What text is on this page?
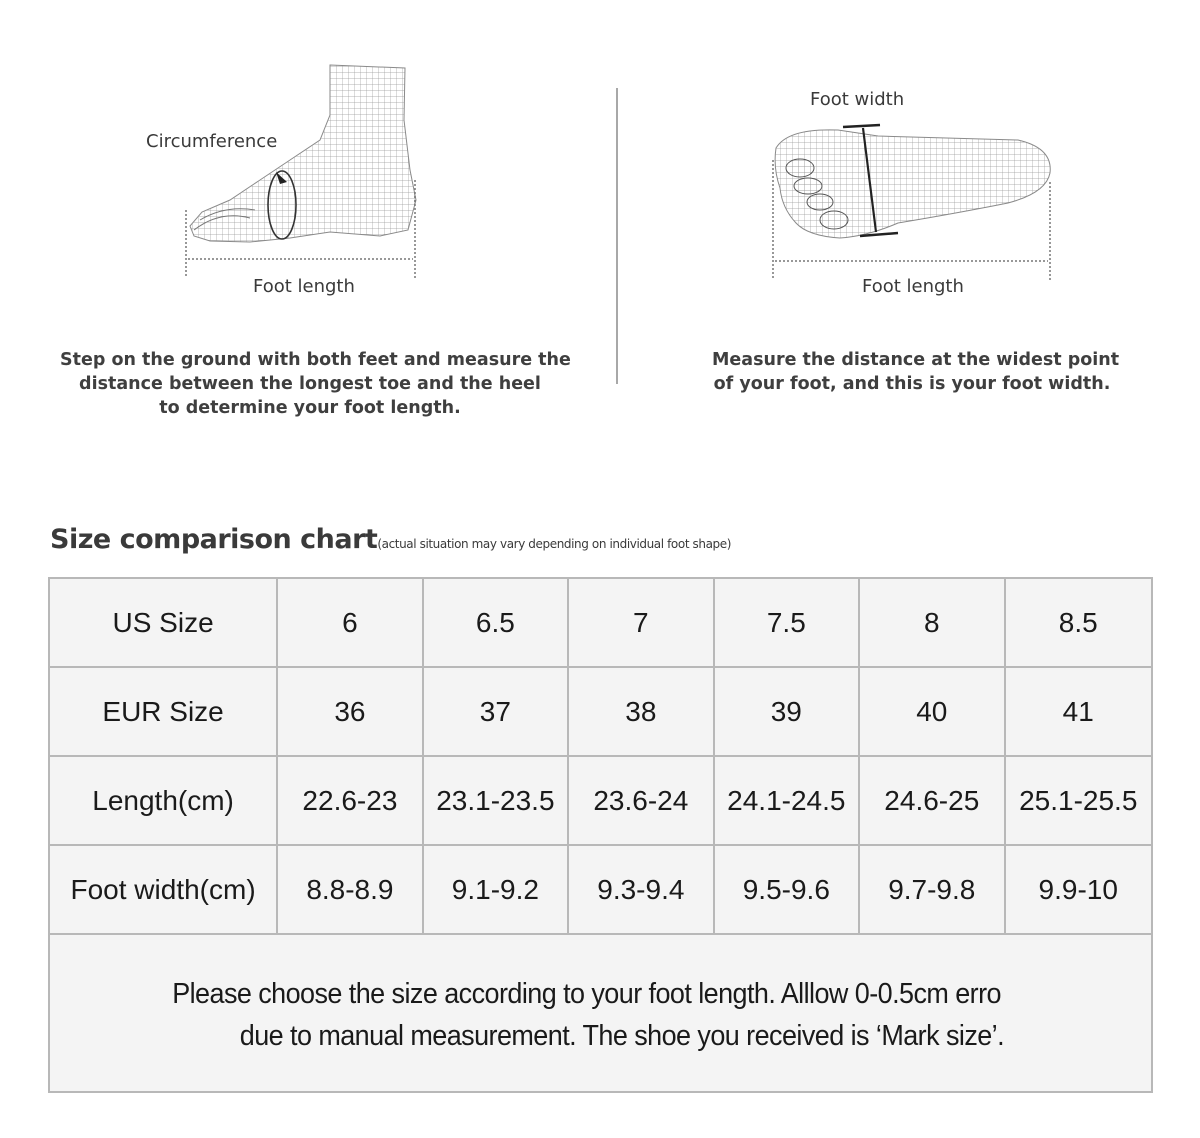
Circumference
Foot length
Step on the ground with both feet and measure the
distance between the longest toe and the heel
to determine your foot length.
Foot width
Foot length
Measure the distance at the widest point
of your foot, and this is your foot width.
Size comparison chart(actual situation may vary depending on individual foot shape)
US Size	6	6.5	7	7.5	8	8.5
EUR Size	36	37	38	39	40	41
Length(cm)	22.6-23	23.1-23.5	23.6-24	24.1-24.5	24.6-25	25.1-25.5
Foot width(cm)	8.8-8.9	9.1-9.2	9.3-9.4	9.5-9.6	9.7-9.8	9.9-10
Please choose the size according to your foot length. Alllow 0-0.5cm erro
due to manual measurement. The shoe you received is ‘Mark size’.
